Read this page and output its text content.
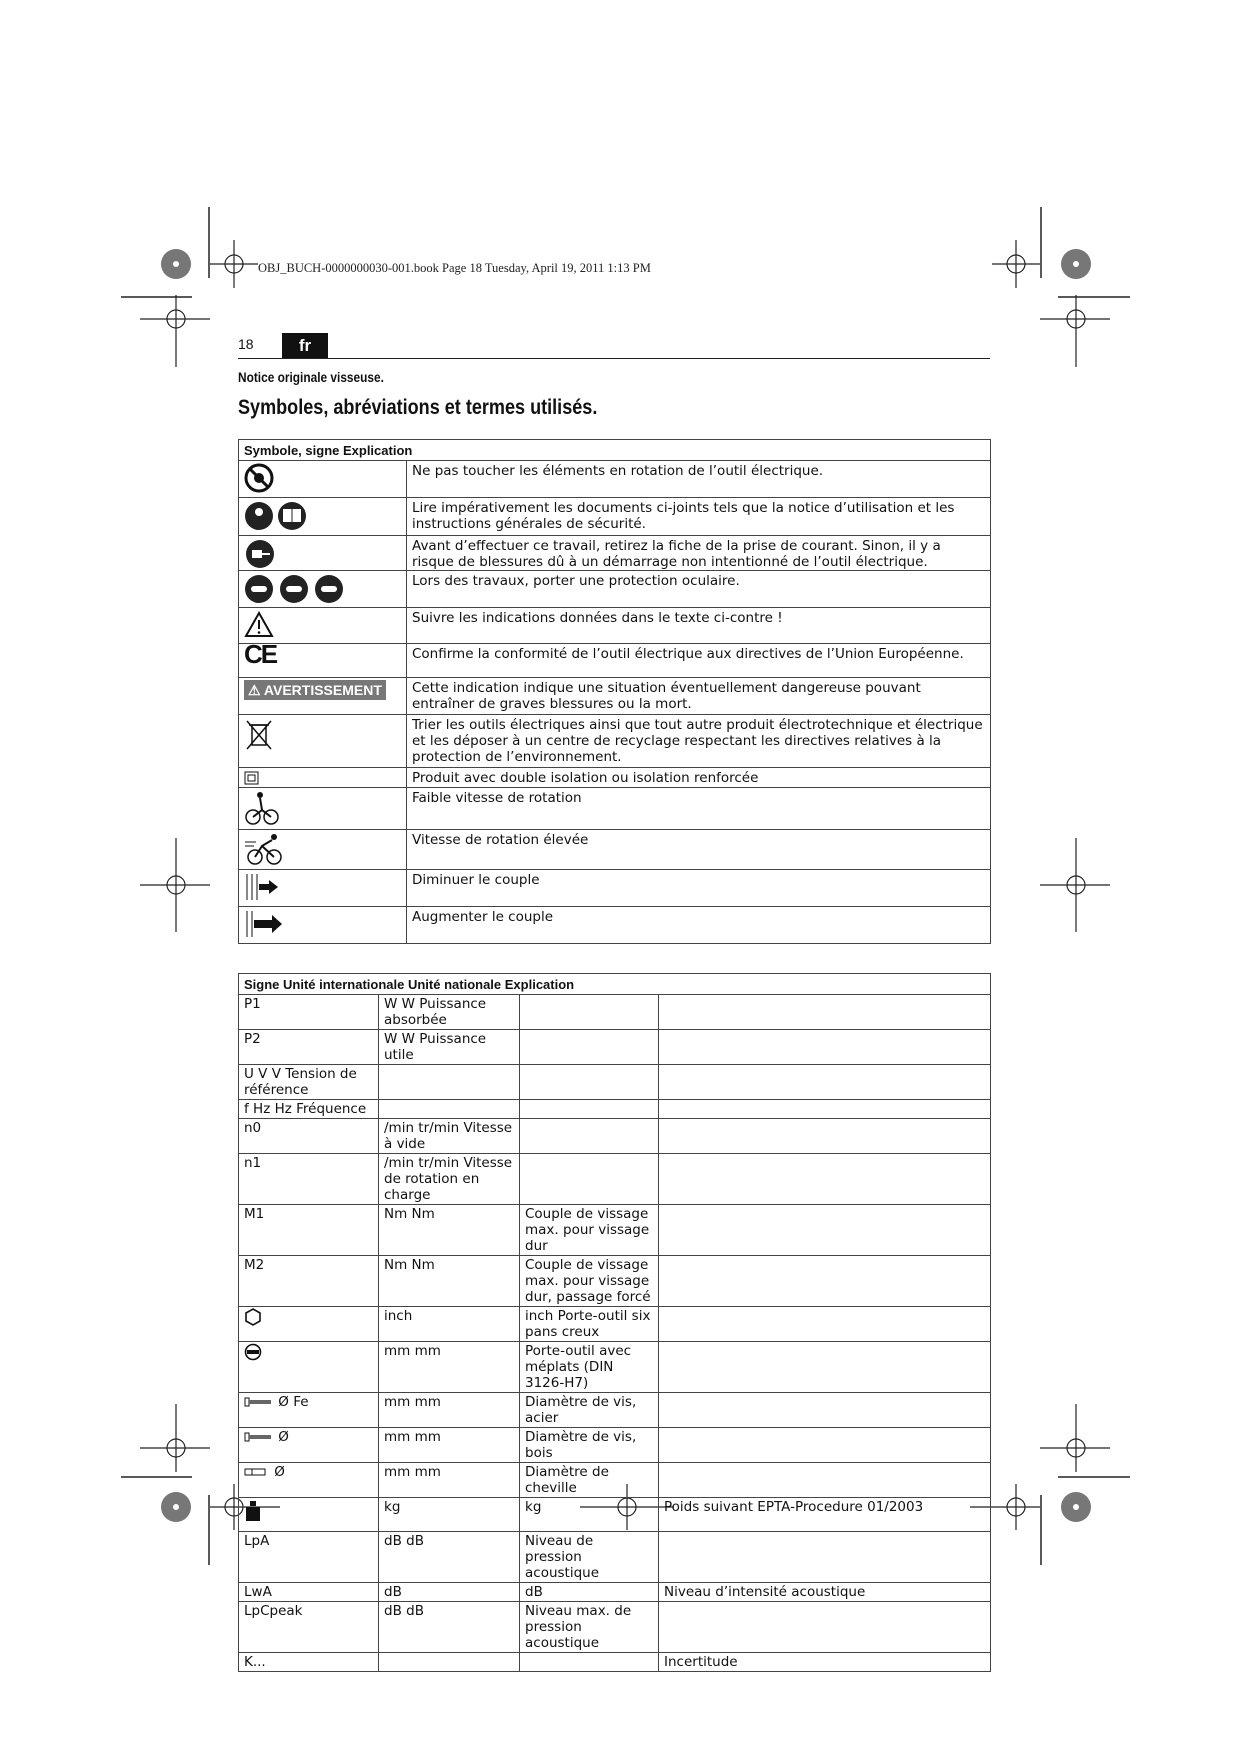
OBJ_BUCH-0000000030-001.book Page 18 Tuesday, April 19, 2011 1:13 PM
18	fr
Notice originale visseuse.
Symboles, abréviations et termes utilisés.
Symbole, signe Explication	
	Ne pas toucher les éléments en rotation de l’outil électrique.
	Lire impérativement les documents ci-joints tels que la notice d’utilisation et les instructions générales de sécurité.
	Avant d’effectuer ce travail, retirez la fiche de la prise de courant. Sinon, il y a risque de blessures dû à un démarrage non intentionné de l’outil électrique.
	Lors des travaux, porter une protection oculaire.
	Suivre les indications données dans le texte ci-contre !
CE	Confirme la conformité de l’outil électrique aux directives de l’Union Européenne.
⚠ AVERTISSEMENT	Cette indication indique une situation éventuellement dangereuse pouvant entraîner de graves blessures ou la mort.
	Trier les outils électriques ainsi que tout autre produit électrotechnique et électrique et les déposer à un centre de recyclage respectant les directives relatives à la protection de l’environnement.
	Produit avec double isolation ou isolation renforcée
	Faible vitesse de rotation
	Vitesse de rotation élevée
	Diminuer le couple
	Augmenter le couple
Signe Unité internationale Unité nationale Explication			
P1	W W Puissance absorbée		
P2	W W Puissance utile		
U V V Tension de référence			
f Hz Hz Fréquence			
n0	/min tr/min Vitesse à vide		
n1	/min tr/min Vitesse de rotation en charge		
M1	Nm Nm	Couple de vissage max. pour vissage dur	
M2	Nm Nm	Couple de vissage max. pour vissage dur, passage forcé	
	inch	inch Porte-outil six pans creux	
	mm mm	Porte-outil avec méplats (DIN 3126-H7)	
Ø Fe	mm mm	Diamètre de vis, acier	
Ø	mm mm	Diamètre de vis, bois	
Ø	mm mm	Diamètre de cheville	
	kg	kg	Poids suivant EPTA-Procedure 01/2003
LpA	dB dB	Niveau de pression acoustique	
LwA	dB	dB	Niveau d’intensité acoustique
LpCpeak	dB dB	Niveau max. de pression acoustique	
K...			Incertitude
